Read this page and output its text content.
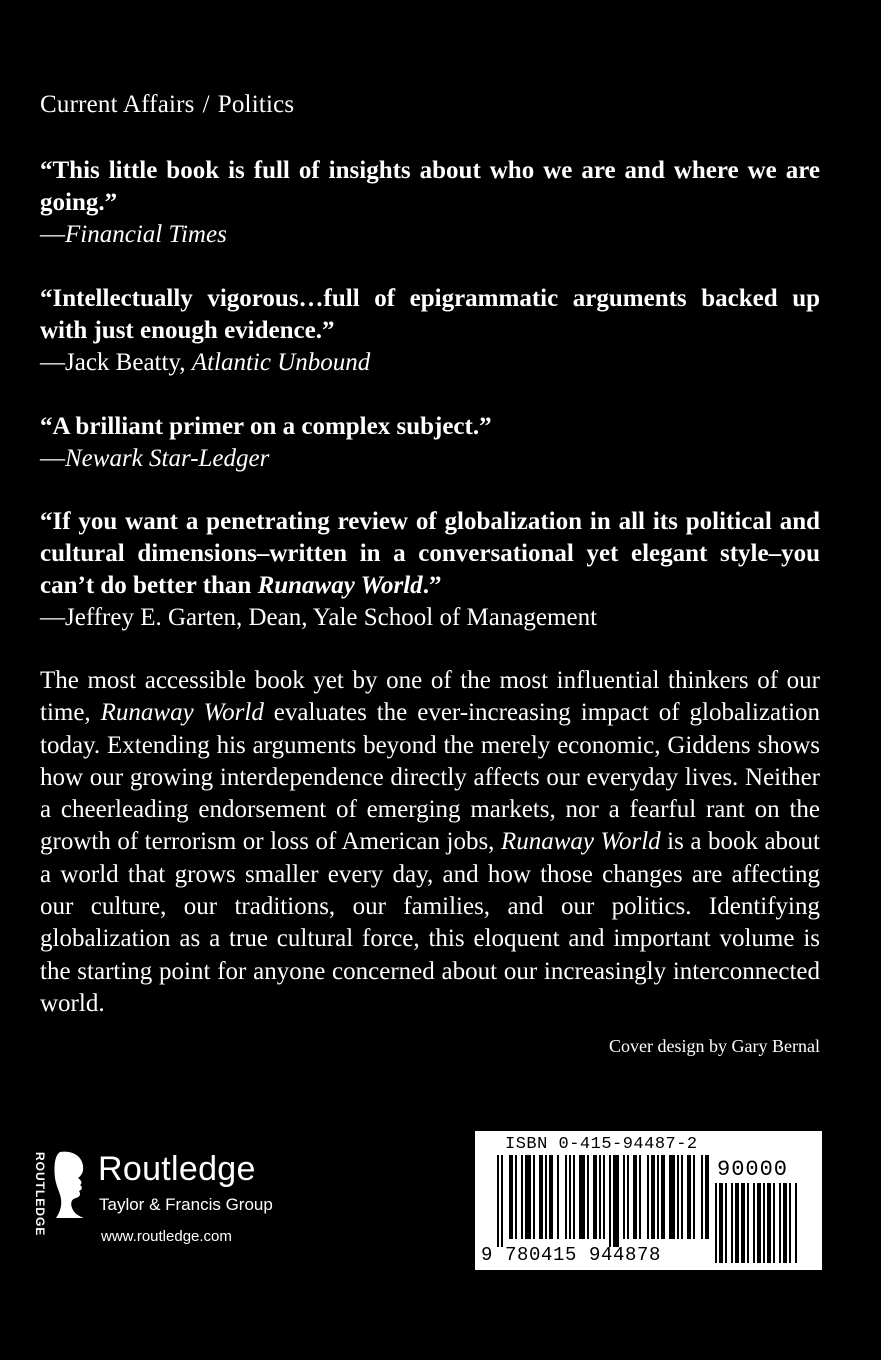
Current Affairs / Politics
“This little book is full of insights about who we are and where we are going.”
—Financial Times
“Intellectually vigorous…full of epigrammatic arguments backed up with just enough evidence.”
—Jack Beatty, Atlantic Unbound
“A brilliant primer on a complex subject.”
—Newark Star-Ledger
“If you want a penetrating review of globalization in all its political and cultural dimensions–written in a conversational yet elegant style–you can’t do better than Runaway World.”
—Jeffrey E. Garten, Dean, Yale School of Management
The most accessible book yet by one of the most influential thinkers of our time, Runaway World evaluates the ever-increasing impact of globalization today. Extending his arguments beyond the merely economic, Giddens shows how our growing interdependence directly affects our everyday lives. Neither a cheerleading endorsement of emerging markets, nor a fearful rant on the growth of terrorism or loss of American jobs, Runaway World is a book about a world that grows smaller every day, and how those changes are affecting our culture, our traditions, our families, and our politics. Identifying globalization as a true cultural force, this eloquent and important volume is the starting point for anyone concerned about our increasingly interconnected world.
Cover design by Gary Bernal
ROUTLEDGE Routledge
Taylor & Francis Group
www.routledge.com
ISBN 0-415-94487-2
90000
9 780415 944878
